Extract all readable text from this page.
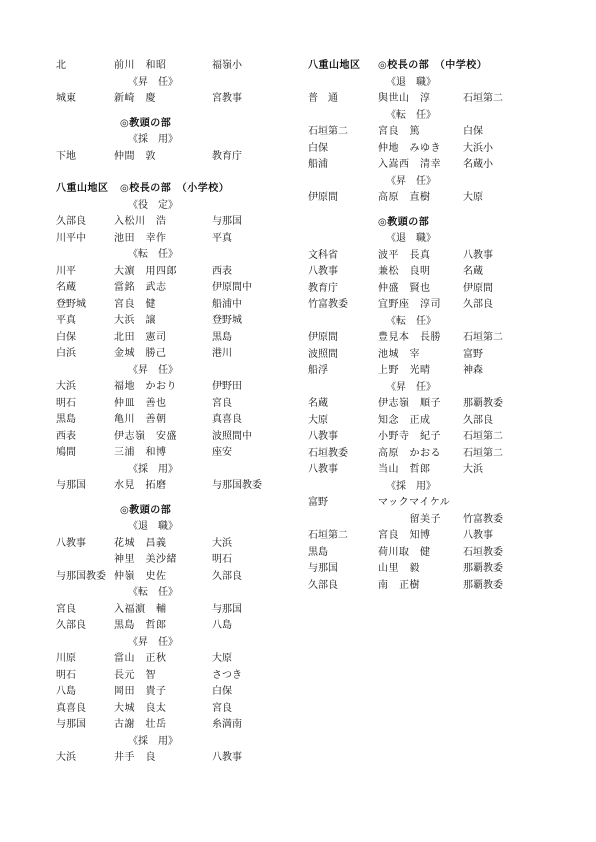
北	前川　和昭	福嶺小
《昇　任》
城東	新崎　慶	宮教事
◎教頭の部
《採　用》
下地	仲間　敦	教育庁
八重山地区 ◎校長の部　（小学校）
《役　定》
久部良	入松川　浩	与那国
川平中	池田　幸作	平真
《転　任》
川平	大濵　用四郎	西表
名蔵	當銘　武志	伊原間中
登野城	宮良　健	船浦中
平真	大浜　譲	登野城
白保	北田　憲司	黒島
白浜	金城　勝己	港川
《昇　任》
大浜	福地　かおり	伊野田
明石	仲皿　善也	宮良
黒島	亀川　善朝	真喜良
西表	伊志嶺　安盛	波照間中
鳩間	三浦　和博	座安
《採　用》
与那国	水見　拓磨	与那国教委
◎教頭の部
《退　職》
八教事	花城　昌義	大浜
神里　美沙緒	明石
与那国教委 仲嶺　史佐	久部良
《転　任》
宮良	入福濵　輔	与那国
久部良	黒島　哲郎	八島
《昇　任》
川原	當山　正秋	大原
明石	長元　智	さつき
八島	岡田　貴子	白保
真喜良	大城　良太	宮良
与那国	古謝　壮岳	糸満南
《採　用》
大浜	井手　良	八教事
八重山地区 ◎校長の部　（中学校）
《退　職》
普　通	與世山　淳	石垣第二
《転　任》
石垣第二	宮良　篤	白保
白保	仲地　みゆき 大浜小
船浦	入嵩西　清幸 名蔵小
《昇　任》
伊原間	高原　直樹	大原
◎教頭の部
《退　職》
文科省	波平　長真	八教事
八教事	兼松　良明	名蔵
教育庁	仲盛　賢也	伊原間
竹富教委	宜野座　淳司 久部良
《転　任》
伊原間	豊見本　長勝 石垣第二
波照間	池城　宰	富野
船浮	上野　光晴	神森
《昇　任》
名蔵	伊志嶺　順子 那覇教委
大原	知念　正成	久部良
八教事	小野寺　紀子 石垣第二
石垣教委	高原　かおる 石垣第二
八教事	当山　哲郎	大浜
《採　用》
富野	マックマイケル
　　　留美子 竹富教委
石垣第二	宮良　知博	八教事
黒島	荷川取　健	石垣教委
与那国	山里　毅	那覇教委
久部良	南　正樹	那覇教委
